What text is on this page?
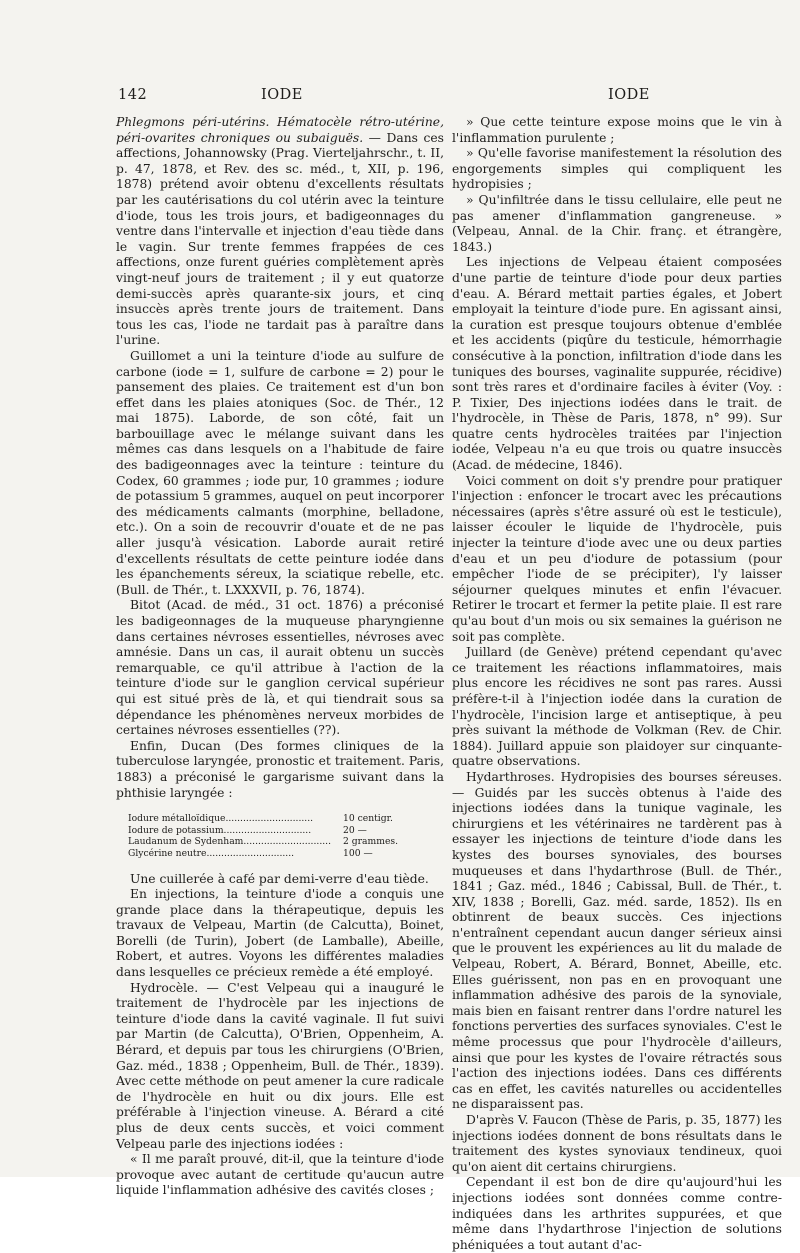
142	IODE	IODE

Phlegmons péri-utérins. Hématocèle rétro-utérine, péri-ovarites chroniques ou subaiguës. — Dans ces affections, Johannowsky (Prag. Vierteljahrschr., t. II, p. 47, 1878, et Rev. des sc. méd., t, XII, p. 196, 1878) prétend avoir obtenu d'excellents résultats par les cautérisations du col utérin avec la teinture d'iode, tous les trois jours, et badigeonnages du ventre dans l'intervalle et injection d'eau tiède dans le vagin. Sur trente femmes frappées de ces affections, onze furent guéries complètement après vingt-neuf jours de traitement ; il y eut quatorze demi-succès après quarante-six jours, et cinq insuccès après trente jours de traitement. Dans tous les cas, l'iode ne tardait pas à paraître dans l'urine.

Guillomet a uni la teinture d'iode au sulfure de carbone (iode = 1, sulfure de carbone = 2) pour le pansement des plaies. Ce traitement est d'un bon effet dans les plaies atoniques (Soc. de Thér., 12 mai 1875). Laborde, de son côté, fait un barbouillage avec le mélange suivant dans les mêmes cas dans lesquels on a l'habitude de faire des badigeonnages avec la teinture : teinture du Codex, 60 grammes ; iode pur, 10 grammes ; iodure de potassium 5 grammes, auquel on peut incorporer des médicaments calmants (morphine, belladone, etc.). On a soin de recouvrir d'ouate et de ne pas aller jusqu'à vésication. Laborde aurait retiré d'excellents résultats de cette peinture iodée dans les épanchements séreux, la sciatique rebelle, etc. (Bull. de Thér., t. LXXXVII, p. 76, 1874).

Bitot (Acad. de méd., 31 oct. 1876) a préconisé les badigeonnages de la muqueuse pharyngienne dans certaines névroses essentielles, névroses avec amnésie. Dans un cas, il aurait obtenu un succès remarquable, ce qu'il attribue à l'action de la teinture d'iode sur le ganglion cervical supérieur qui est situé près de là, et qui tiendrait sous sa dépendance les phénomènes nerveux morbides de certaines névroses essentielles (??).

Enfin, Ducan (Des formes cliniques de la tuberculose laryngée, pronostic et traitement. Paris, 1883) a préconisé le gargarisme suivant dans la phthisie laryngée :

Iodure métalloïdique..............................	10 centigr.
Iodure de potassium..............................	20 —
Laudanum de Sydenham..............................	2 grammes.
Glycérine neutre..............................	100 —

Une cuillerée à café par demi-verre d'eau tiède.

En injections, la teinture d'iode a conquis une grande place dans la thérapeutique, depuis les travaux de Velpeau, Martin (de Calcutta), Boinet, Borelli (de Turin), Jobert (de Lamballe), Abeille, Robert, et autres. Voyons les différentes maladies dans lesquelles ce précieux remède a été employé.

Hydrocèle. — C'est Velpeau qui a inauguré le traitement de l'hydrocèle par les injections de teinture d'iode dans la cavité vaginale. Il fut suivi par Martin (de Calcutta), O'Brien, Oppenheim, A. Bérard, et depuis par tous les chirurgiens (O'Brien, Gaz. méd., 1838 ; Oppenheim, Bull. de Thér., 1839). Avec cette méthode on peut amener la cure radicale de l'hydrocèle en huit ou dix jours. Elle est préférable à l'injection vineuse. A. Bérard a cité plus de deux cents succès, et voici comment Velpeau parle des injections iodées :

« Il me paraît prouvé, dit-il, que la teinture d'iode provoque avec autant de certitude qu'aucun autre liquide l'inflammation adhésive des cavités closes ;

» Que cette teinture expose moins que le vin à l'inflammation purulente ;

» Qu'elle favorise manifestement la résolution des engorgements simples qui compliquent les hydropisies ;

» Qu'infiltrée dans le tissu cellulaire, elle peut ne pas amener d'inflammation gangreneuse. » (Velpeau, Annal. de la Chir. franç. et étrangère, 1843.)

Les injections de Velpeau étaient composées d'une partie de teinture d'iode pour deux parties d'eau. A. Bérard mettait parties égales, et Jobert employait la teinture d'iode pure. En agissant ainsi, la curation est presque toujours obtenue d'emblée et les accidents (piqûre du testicule, hémorrhagie consécutive à la ponction, infiltration d'iode dans les tuniques des bourses, vaginalite suppurée, récidive) sont très rares et d'ordinaire faciles à éviter (Voy. : P. Tixier, Des injections iodées dans le trait. de l'hydrocèle, in Thèse de Paris, 1878, n° 99). Sur quatre cents hydrocèles traitées par l'injection iodée, Velpeau n'a eu que trois ou quatre insuccès (Acad. de médecine, 1846).

Voici comment on doit s'y prendre pour pratiquer l'injection : enfoncer le trocart avec les précautions nécessaires (après s'être assuré où est le testicule), laisser écouler le liquide de l'hydrocèle, puis injecter la teinture d'iode avec une ou deux parties d'eau et un peu d'iodure de potassium (pour empêcher l'iode de se précipiter), l'y laisser séjourner quelques minutes et enfin l'évacuer. Retirer le trocart et fermer la petite plaie. Il est rare qu'au bout d'un mois ou six semaines la guérison ne soit pas complète.

Juillard (de Genève) prétend cependant qu'avec ce traitement les réactions inflammatoires, mais plus encore les récidives ne sont pas rares. Aussi préfère-t-il à l'injection iodée dans la curation de l'hydrocèle, l'incision large et antiseptique, à peu près suivant la méthode de Volkman (Rev. de Chir. 1884). Juillard appuie son plaidoyer sur cinquante-quatre observations.

Hydarthroses. Hydropisies des bourses séreuses. — Guidés par les succès obtenus à l'aide des injections iodées dans la tunique vaginale, les chirurgiens et les vétérinaires ne tardèrent pas à essayer les injections de teinture d'iode dans les kystes des bourses synoviales, des bourses muqueuses et dans l'hydarthrose (Bull. de Thér., 1841 ; Gaz. méd., 1846 ; Cabissal, Bull. de Thér., t. XIV, 1838 ; Borelli, Gaz. méd. sarde, 1852). Ils en obtinrent de beaux succès. Ces injections n'entraînent cependant aucun danger sérieux ainsi que le prouvent les expériences au lit du malade de Velpeau, Robert, A. Bérard, Bonnet, Abeille, etc. Elles guérissent, non pas en en provoquant une inflammation adhésive des parois de la synoviale, mais bien en faisant rentrer dans l'ordre naturel les fonctions perverties des surfaces synoviales. C'est le même processus que pour l'hydrocèle d'ailleurs, ainsi que pour les kystes de l'ovaire rétractés sous l'action des injections iodées. Dans ces différents cas en effet, les cavités naturelles ou accidentelles ne disparaissent pas.

D'après V. Faucon (Thèse de Paris, p. 35, 1877) les injections iodées donnent de bons résultats dans le traitement des kystes synoviaux tendineux, quoi qu'on aient dit certains chirurgiens.

Cependant il est bon de dire qu'aujourd'hui les injections iodées sont données comme contre-indiquées dans les arthrites suppurées, et que même dans l'hydarthrose l'injection de solutions phéniquées a tout autant d'ac-
